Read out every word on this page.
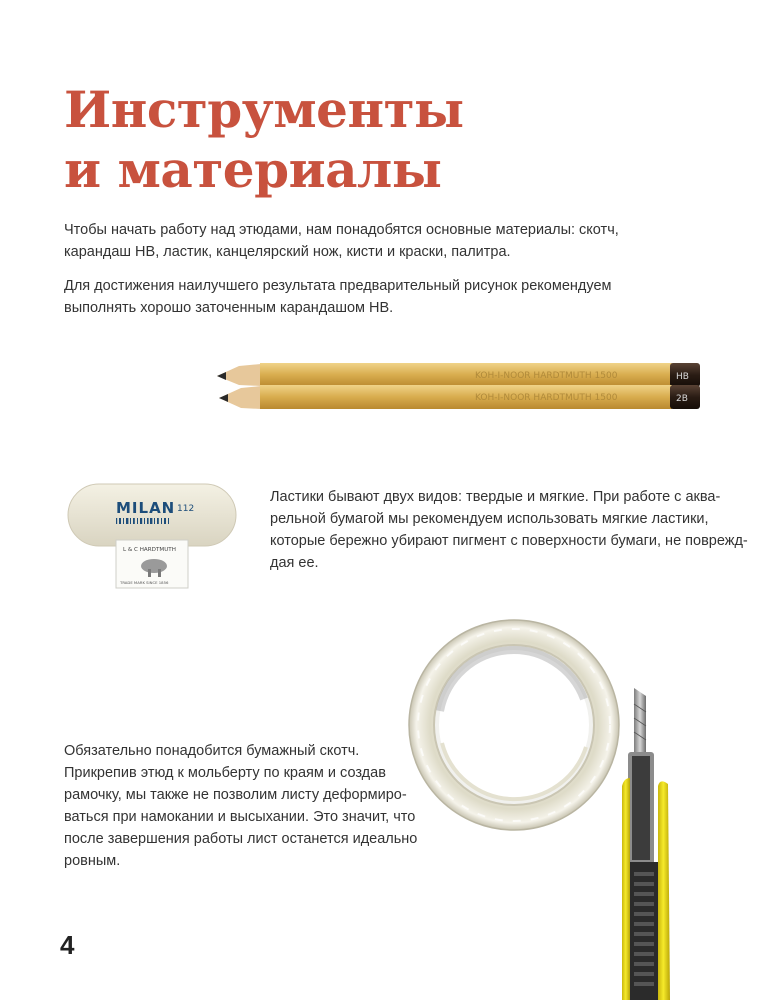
Инструменты
и материалы
Чтобы начать работу над этюдами, нам понадобятся основные материалы: скотч,
карандаш НВ, ластик, канцелярский нож, кисти и краски, палитра.
Для достижения наилучшего результата предварительный рисунок рекомендуем
выполнять хорошо заточенным карандашом НВ.
KOH-I-NOOR HARDTMUTH 1500	HB
KOH-I-NOOR HARDTMUTH 1500	2B
MILAN 112
L & C HARDTMUTH
TRADE MARK SINCE 1856
Ластики бывают двух видов: твердые и мягкие. При работе с аква-
рельной бумагой мы рекомендуем использовать мягкие ластики,
которые бережно убирают пигмент с поверхности бумаги, не поврежд-
дая ее.
Обязательно понадобится бумажный скотч.
Прикрепив этюд к мольберту по краям и создав
рамочку, мы также не позволим листу деформиро-
ваться при намокании и высыхании. Это значит, что
после завершения работы лист останется идеально
ровным.
4
